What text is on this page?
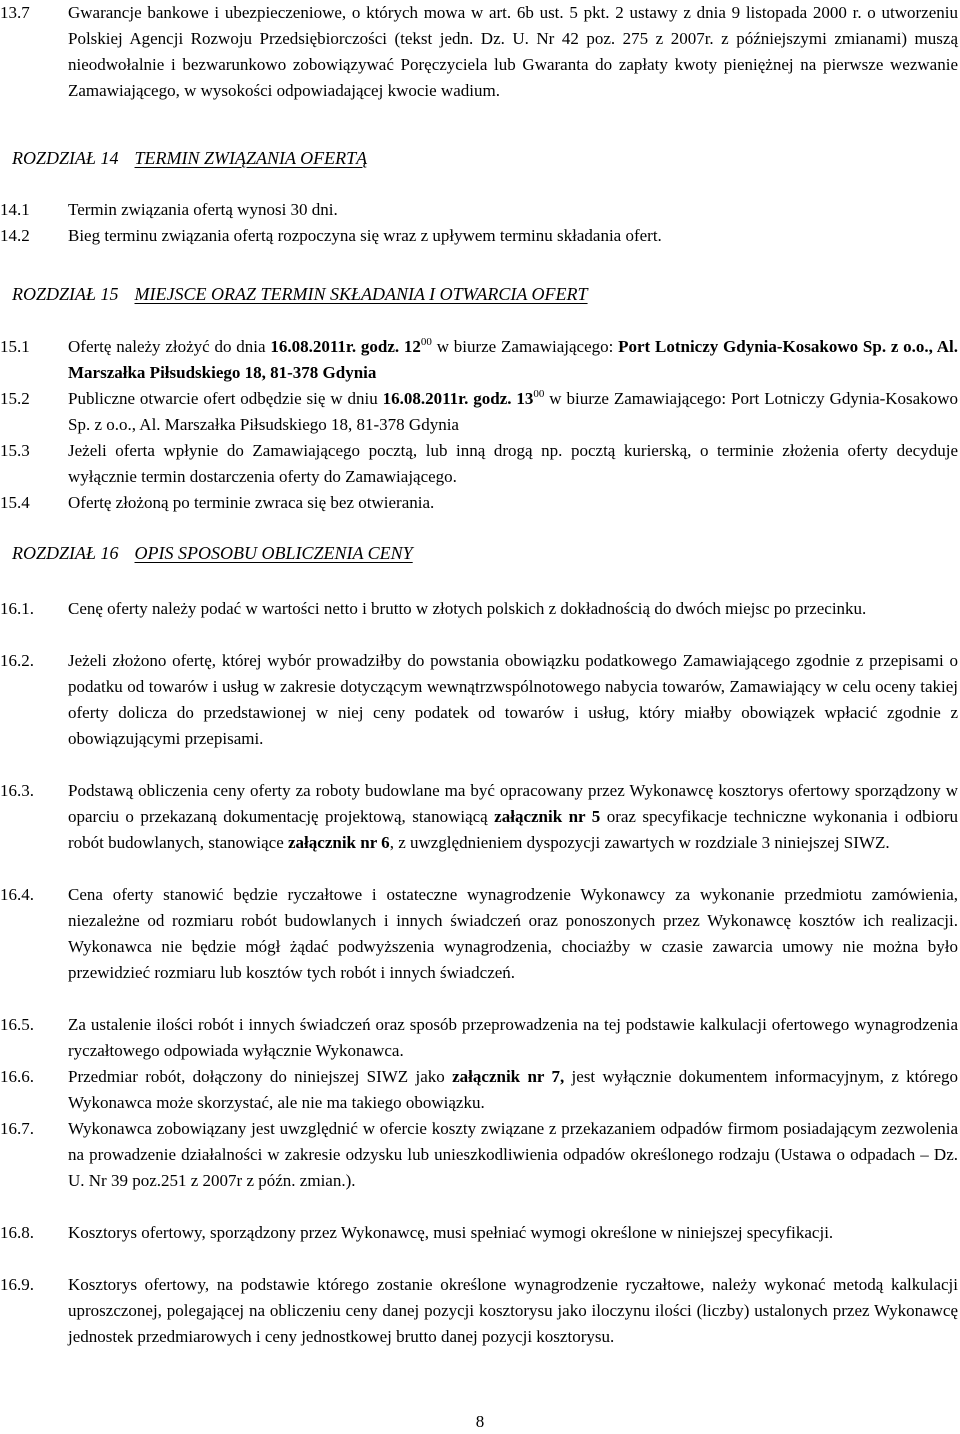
13.7 Gwarancje bankowe i ubezpieczeniowe, o których mowa w art. 6b ust. 5 pkt. 2 ustawy z dnia 9 listopada 2000 r. o utworzeniu Polskiej Agencji Rozwoju Przedsiębiorczości (tekst jedn. Dz. U. Nr 42 poz. 275 z 2007r. z późniejszymi zmianami) muszą nieodwołalnie i bezwarunkowo zobowiązywać Poręczyciela lub Gwaranta do zapłaty kwoty pieniężnej na pierwsze wezwanie Zamawiającego, w wysokości odpowiadającej kwocie wadium.
ROZDZIAŁ 14 TERMIN ZWIĄZANIA OFERTĄ
14.1 Termin związania ofertą wynosi 30 dni.
14.2 Bieg terminu związania ofertą rozpoczyna się wraz z upływem terminu składania ofert.
ROZDZIAŁ 15 MIEJSCE ORAZ TERMIN SKŁADANIA I OTWARCIA OFERT
15.1 Ofertę należy złożyć do dnia 16.08.2011r. godz. $12^{00}$ w biurze Zamawiającego: Port Lotniczy Gdynia-Kosakowo Sp. z o.o., Al. Marszałka Piłsudskiego 18, 81-378 Gdynia
15.2 Publiczne otwarcie ofert odbędzie się w dniu 16.08.2011r. godz. $13^{00}$ w biurze Zamawiającego: Port Lotniczy Gdynia-Kosakowo Sp. z o.o., Al. Marszałka Piłsudskiego 18, 81-378 Gdynia
15.3 Jeżeli oferta wpłynie do Zamawiającego pocztą, lub inną drogą np. pocztą kurierską, o terminie złożenia oferty decyduje wyłącznie termin dostarczenia oferty do Zamawiającego.
15.4 Ofertę złożoną po terminie zwraca się bez otwierania.
ROZDZIAŁ 16 OPIS SPOSOBU OBLICZENIA CENY
16.1. Cenę oferty należy podać w wartości netto i brutto w złotych polskich z dokładnością do dwóch miejsc po przecinku.
16.2. Jeżeli złożono ofertę, której wybór prowadziłby do powstania obowiązku podatkowego Zamawiającego zgodnie z przepisami o podatku od towarów i usług w zakresie dotyczącym wewnątrzwspólnotowego nabycia towarów, Zamawiający w celu oceny takiej oferty dolicza do przedstawionej w niej ceny podatek od towarów i usług, który miałby obowiązek wpłacić zgodnie z obowiązującymi przepisami.
16.3. Podstawą obliczenia ceny oferty za roboty budowlane ma być opracowany przez Wykonawcę kosztorys ofertowy sporządzony w oparciu o przekazaną dokumentację projektową, stanowiącą załącznik nr 5 oraz specyfikacje techniczne wykonania i odbioru robót budowlanych, stanowiące załącznik nr 6, z uwzględnieniem dyspozycji zawartych w rozdziale 3 niniejszej SIWZ.
16.4. Cena oferty stanowić będzie ryczałtowe i ostateczne wynagrodzenie Wykonawcy za wykonanie przedmiotu zamówienia, niezależne od rozmiaru robót budowlanych i innych świadczeń oraz ponoszonych przez Wykonawcę kosztów ich realizacji. Wykonawca nie będzie mógł żądać podwyższenia wynagrodzenia, chociażby w czasie zawarcia umowy nie można było przewidzieć rozmiaru lub kosztów tych robót i innych świadczeń.
16.5. Za ustalenie ilości robót i innych świadczeń oraz sposób przeprowadzenia na tej podstawie kalkulacji ofertowego wynagrodzenia ryczałtowego odpowiada wyłącznie Wykonawca.
16.6. Przedmiar robót, dołączony do niniejszej SIWZ jako załącznik nr 7, jest wyłącznie dokumentem informacyjnym, z którego Wykonawca może skorzystać, ale nie ma takiego obowiązku.
16.7. Wykonawca zobowiązany jest uwzględnić w ofercie koszty związane z przekazaniem odpadów firmom posiadającym zezwolenia na prowadzenie działalności w zakresie odzysku lub unieszkodliwienia odpadów określonego rodzaju (Ustawa o odpadach – Dz. U. Nr 39 poz.251 z 2007r z późn. zmian.).
16.8. Kosztorys ofertowy, sporządzony przez Wykonawcę, musi spełniać wymogi określone w niniejszej specyfikacji.
16.9. Kosztorys ofertowy, na podstawie którego zostanie określone wynagrodzenie ryczałtowe, należy wykonać metodą kalkulacji uproszczonej, polegającej na obliczeniu ceny danej pozycji kosztorysu jako iloczynu ilości (liczby) ustalonych przez Wykonawcę jednostek przedmiarowych i ceny jednostkowej brutto danej pozycji kosztorysu.
8
